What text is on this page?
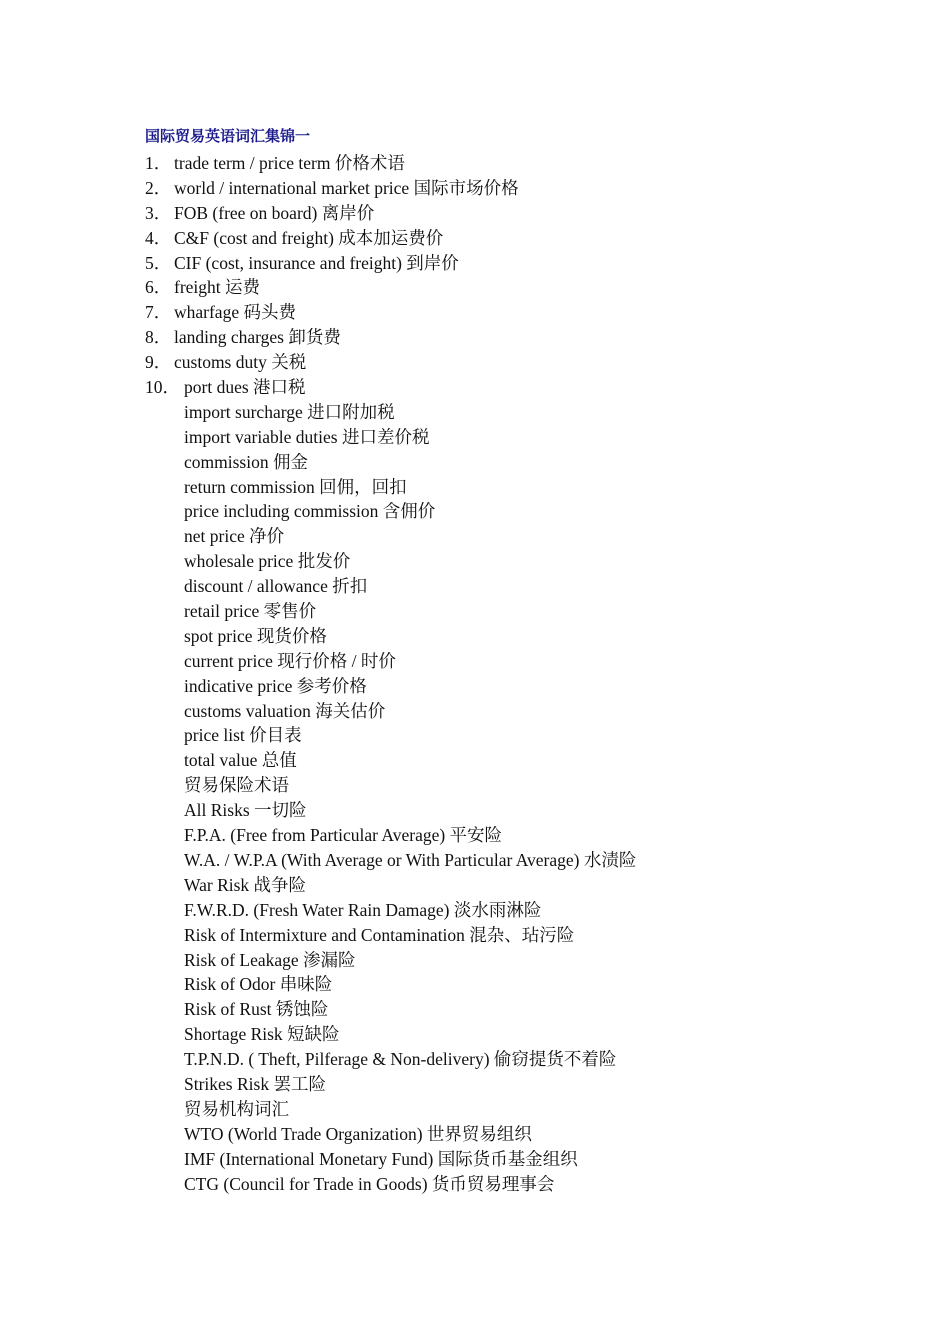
国际贸易英语词汇集锦一
1． trade term / price term 价格术语
2． world / international market price 国际市场价格
3． FOB (free on board) 离岸价
4． C&F (cost and freight) 成本加运费价
5． CIF (cost, insurance and freight) 到岸价
6． freight 运费
7． wharfage 码头费
8． landing charges 卸货费
9． customs duty 关税
10． port dues 港口税
import surcharge 进口附加税
import variable duties 进口差价税
commission 佣金
return commission 回佣，回扣
price including commission 含佣价
net price 净价
wholesale price 批发价
discount / allowance 折扣
retail price 零售价
spot price 现货价格
current price 现行价格 / 时价
indicative price 参考价格
customs valuation 海关估价
price list 价目表
total value 总值
贸易保险术语
All Risks 一切险
F.P.A. (Free from Particular Average) 平安险
W.A. / W.P.A (With Average or With Particular Average) 水渍险
War Risk 战争险
F.W.R.D. (Fresh Water Rain Damage) 淡水雨淋险
Risk of Intermixture and Contamination 混杂、玷污险
Risk of Leakage 渗漏险
Risk of Odor 串味险
Risk of Rust 锈蚀险
Shortage Risk 短缺险
T.P.N.D. ( Theft, Pilferage & Non-delivery) 偷窃提货不着险
Strikes Risk 罢工险
贸易机构词汇
WTO (World Trade Organization) 世界贸易组织
IMF (International Monetary Fund) 国际货币基金组织
CTG (Council for Trade in Goods) 货币贸易理事会
